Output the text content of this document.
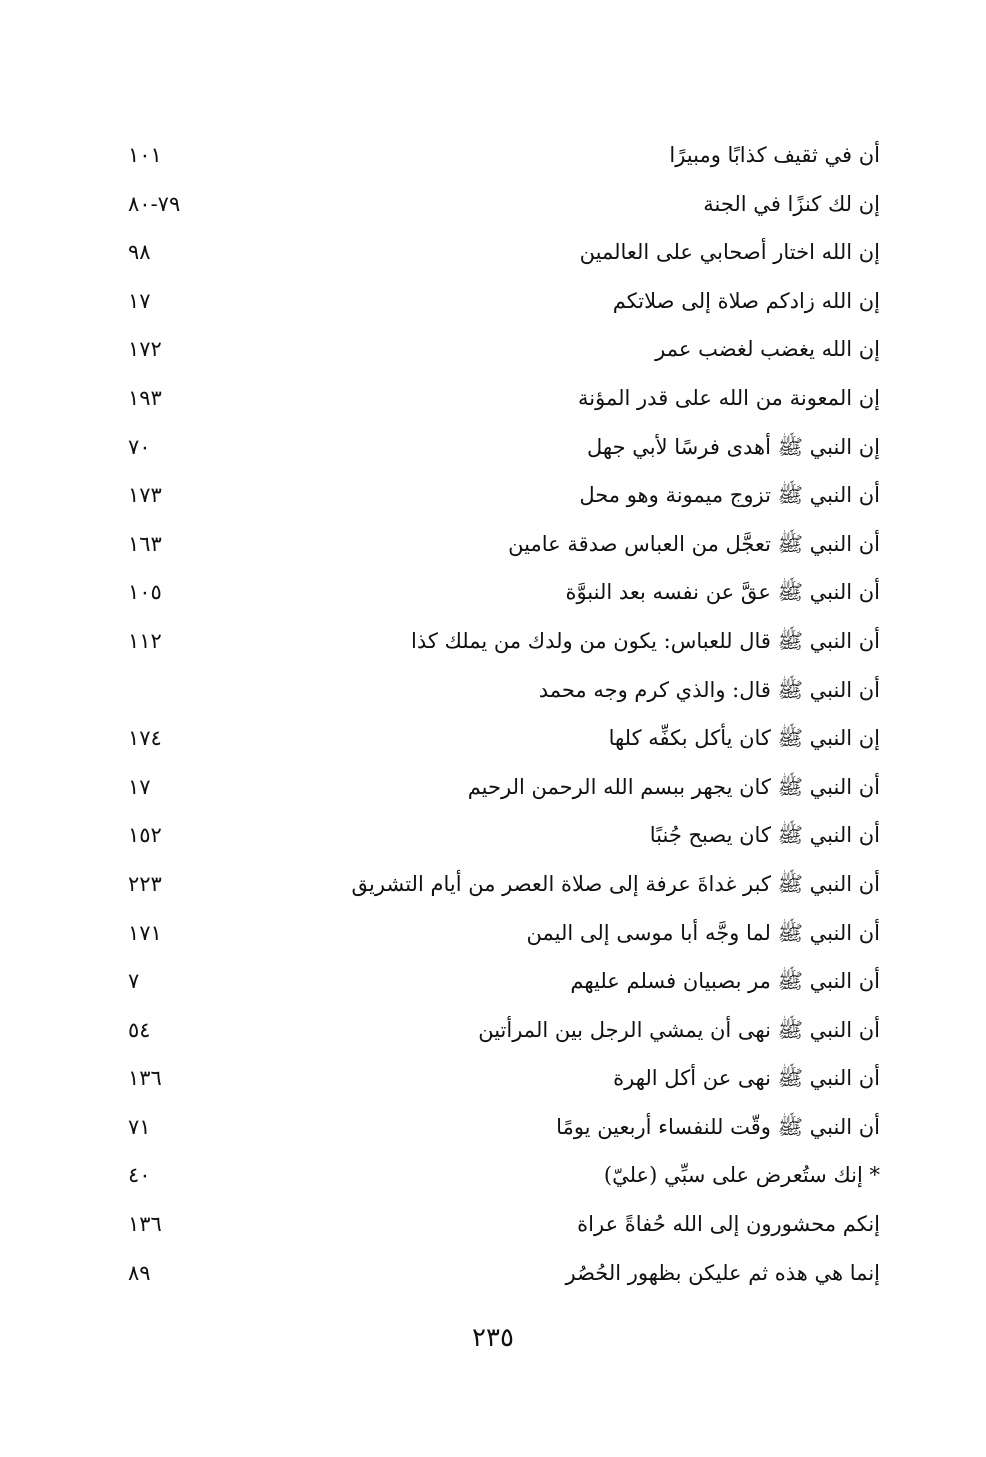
أن في ثقيف كذابًا ومبيرًا
١٠١
إن لك كنزًا في الجنة
٧٩-٨٠
إن الله اختار أصحابي على العالمين
٩٨
إن الله زادكم صلاة إلى صلاتكم
١٧
إن الله يغضب لغضب عمر
١٧٢
إن المعونة من الله على قدر المؤنة
١٩٣
إن النبي ﷺ أهدى فرسًا لأبي جهل
٧٠
أن النبي ﷺ تزوج ميمونة وهو محل
١٧٣
أن النبي ﷺ تعجَّل من العباس صدقة عامين
١٦٣
أن النبي ﷺ عقَّ عن نفسه بعد النبوَّة
١٠٥
أن النبي ﷺ قال للعباس: يكون من ولدك من يملك كذا
١١٢
أن النبي ﷺ قال: والذي كرم وجه محمد
إن النبي ﷺ كان يأكل بكفِّه كلها
١٧٤
أن النبي ﷺ كان يجهر ببسم الله الرحمن الرحيم
١٧
أن النبي ﷺ كان يصبح جُنبًا
١٥٢
أن النبي ﷺ كبر غداةَ عرفة إلى صلاة العصر من أيام التشريق
٢٢٣
أن النبي ﷺ لما وجَّه أبا موسى إلى اليمن
١٧١
أن النبي ﷺ مر بصبيان فسلم عليهم
٧
أن النبي ﷺ نهى أن يمشي الرجل بين المرأتين
٥٤
أن النبي ﷺ نهى عن أكل الهرة
١٣٦
أن النبي ﷺ وقّت للنفساء أربعين يومًا
٧١
* إنك ستُعرض على سبِّي (عليّ)
٤٠
إنكم محشورون إلى الله حُفاةً عراة
١٣٦
إنما هي هذه ثم عليكن بظهور الحُصُر
٨٩
٢٣٥
